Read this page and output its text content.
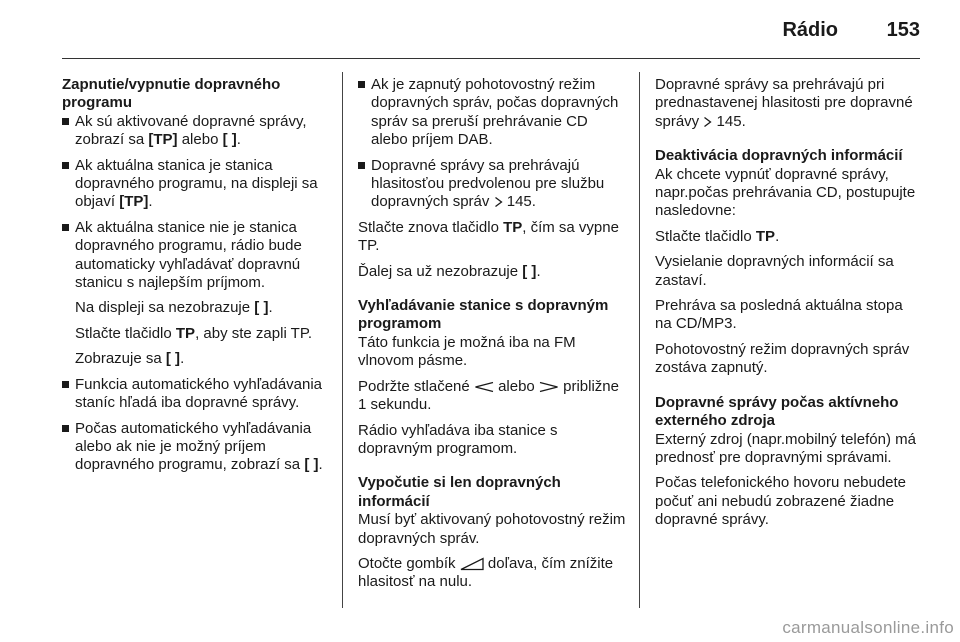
Rádio 153
Zapnutie/vypnutie dopravného programu
Ak sú aktivované dopravné správy, zobrazí sa [TP] alebo [ ].
Ak aktuálna stanica je stanica dopravného programu, na displeji sa objaví [TP].
Ak aktuálna stanice nie je stanica dopravného programu, rádio bude automaticky vyhľadávať dopravnú stanicu s najlepším príjmom.
Na displeji sa nezobrazuje [ ].
Stlačte tlačidlo TP, aby ste zapli TP.
Zobrazuje sa [ ].
Funkcia automatického vyhľadávania staníc hľadá iba dopravné správy.
Počas automatického vyhľadávania alebo ak nie je možný príjem dopravného programu, zobrazí sa [ ].
Ak je zapnutý pohotovostný režim dopravných správ, počas dopravných správ sa preruší prehrávanie CD alebo príjem DAB.
Dopravné správy sa prehrávajú hlasitosťou predvolenou pre službu dopravných správ  145.

Stlačte znova tlačidlo TP, čím sa vypne TP.

Ďalej sa už nezobrazuje [ ].

Vyhľadávanie stanice s dopravným programom

Táto funkcia je možná iba na FM vlnovom pásme.

Podržte stlačené  alebo  približne 1 sekundu.

Rádio vyhľadáva iba stanice s dopravným programom.

Vypočutie si len dopravných informácií

Musí byť aktivovaný pohotovostný režim dopravných správ.

Otočte gombík  doľava, čím znížite hlasitosť na nulu.

Dopravné správy sa prehrávajú pri prednastavenej hlasitosti pre dopravné správy  145.

Deaktivácia dopravných informácií

Ak chcete vypnúť dopravné správy, napr.počas prehrávania CD, postupujte nasledovne:

Stlačte tlačidlo TP.

Vysielanie dopravných informácií sa zastaví.

Prehráva sa posledná aktuálna stopa na CD/MP3.

Pohotovostný režim dopravných správ zostáva zapnutý.

Dopravné správy počas aktívneho externého zdroja

Externý zdroj (napr.mobilný telefón) má prednosť pre dopravnými správami.

Počas telefonického hovoru nebudete počuť ani nebudú zobrazené žiadne dopravné správy.

carmanualsonline.info
